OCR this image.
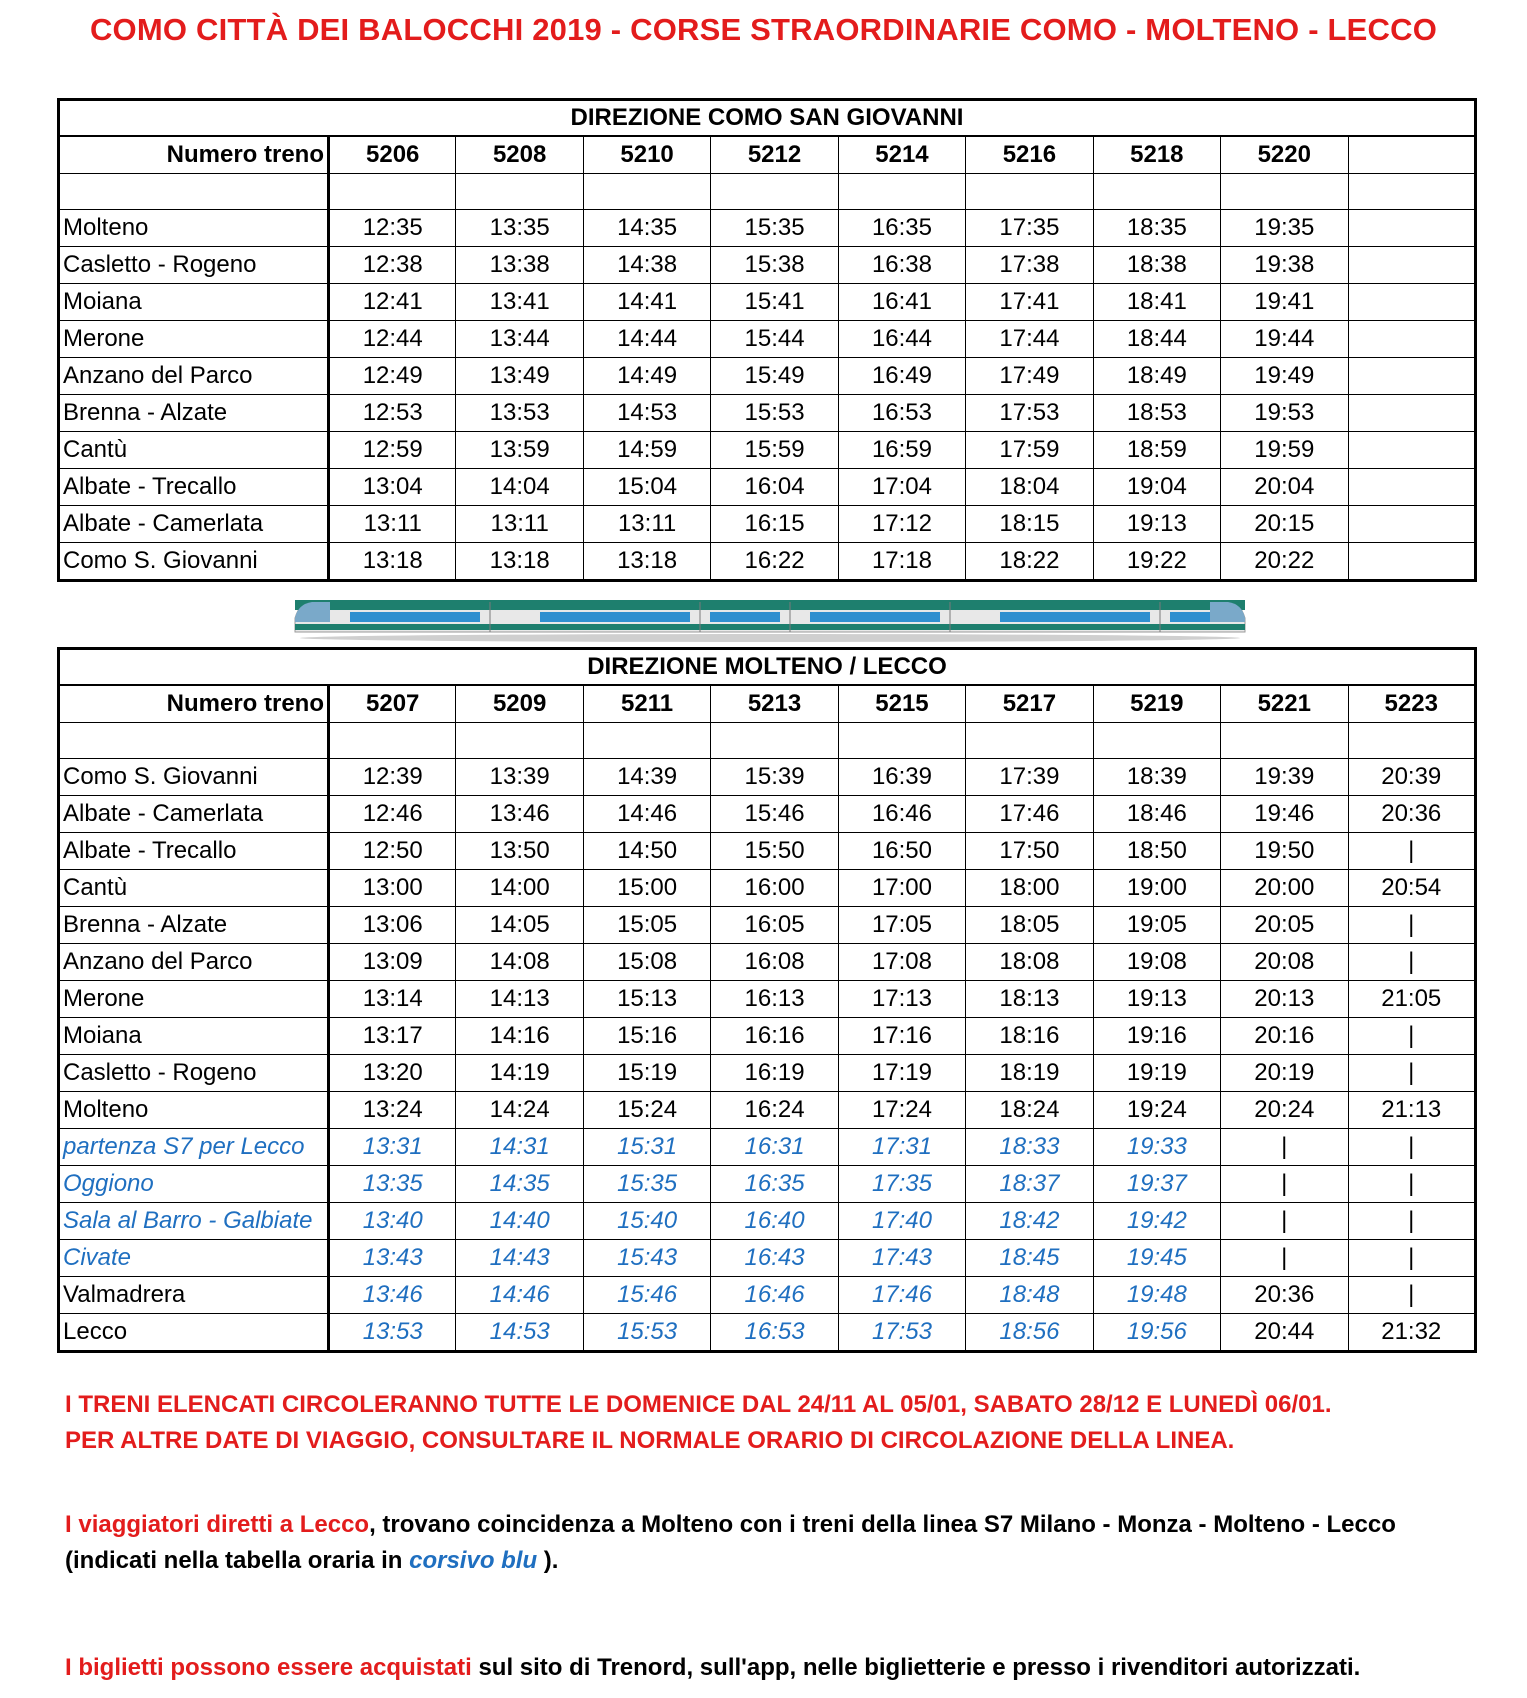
COMO CITTÀ DEI BALOCCHI 2019 - CORSE STRAORDINARIE COMO - MOLTENO - LECCO
DIREZIONE COMO SAN GIOVANNI									
Numero treno	5206	5208	5210	5212	5214	5216	5218	5220	

Molteno	12:35	13:35	14:35	15:35	16:35	17:35	18:35	19:35	
Casletto - Rogeno	12:38	13:38	14:38	15:38	16:38	17:38	18:38	19:38	
Moiana	12:41	13:41	14:41	15:41	16:41	17:41	18:41	19:41	
Merone	12:44	13:44	14:44	15:44	16:44	17:44	18:44	19:44	
Anzano del Parco	12:49	13:49	14:49	15:49	16:49	17:49	18:49	19:49	
Brenna - Alzate	12:53	13:53	14:53	15:53	16:53	17:53	18:53	19:53	
Cantù	12:59	13:59	14:59	15:59	16:59	17:59	18:59	19:59	
Albate - Trecallo	13:04	14:04	15:04	16:04	17:04	18:04	19:04	20:04	
Albate - Camerlata	13:11	13:11	13:11	16:15	17:12	18:15	19:13	20:15	
Como S. Giovanni	13:18	13:18	13:18	16:22	17:18	18:22	19:22	20:22	
DIREZIONE MOLTENO / LECCO									
Numero treno	5207	5209	5211	5213	5215	5217	5219	5221	5223

Como S. Giovanni	12:39	13:39	14:39	15:39	16:39	17:39	18:39	19:39	20:39
Albate - Camerlata	12:46	13:46	14:46	15:46	16:46	17:46	18:46	19:46	20:36
Albate - Trecallo	12:50	13:50	14:50	15:50	16:50	17:50	18:50	19:50	|
Cantù	13:00	14:00	15:00	16:00	17:00	18:00	19:00	20:00	20:54
Brenna - Alzate	13:06	14:05	15:05	16:05	17:05	18:05	19:05	20:05	|
Anzano del Parco	13:09	14:08	15:08	16:08	17:08	18:08	19:08	20:08	|
Merone	13:14	14:13	15:13	16:13	17:13	18:13	19:13	20:13	21:05
Moiana	13:17	14:16	15:16	16:16	17:16	18:16	19:16	20:16	|
Casletto - Rogeno	13:20	14:19	15:19	16:19	17:19	18:19	19:19	20:19	|
Molteno	13:24	14:24	15:24	16:24	17:24	18:24	19:24	20:24	21:13
partenza S7 per Lecco	13:31	14:31	15:31	16:31	17:31	18:33	19:33	|	|
Oggiono	13:35	14:35	15:35	16:35	17:35	18:37	19:37	|	|
Sala al Barro - Galbiate	13:40	14:40	15:40	16:40	17:40	18:42	19:42	|	|
Civate	13:43	14:43	15:43	16:43	17:43	18:45	19:45	|	|
Valmadrera	13:46	14:46	15:46	16:46	17:46	18:48	19:48	20:36	|
Lecco	13:53	14:53	15:53	16:53	17:53	18:56	19:56	20:44	21:32
I TRENI ELENCATI CIRCOLERANNO TUTTE LE DOMENICE DAL 24/11 AL 05/01, SABATO 28/12 E LUNEDÌ 06/01.
PER ALTRE DATE DI VIAGGIO, CONSULTARE IL NORMALE ORARIO DI CIRCOLAZIONE DELLA LINEA.
I viaggiatori diretti a Lecco, trovano coincidenza a Molteno con i treni della linea S7 Milano - Monza - Molteno - Lecco
(indicati nella tabella oraria in corsivo blu ).
I biglietti possono essere acquistati sul sito di Trenord, sull'app, nelle biglietterie e presso i rivenditori autorizzati.
